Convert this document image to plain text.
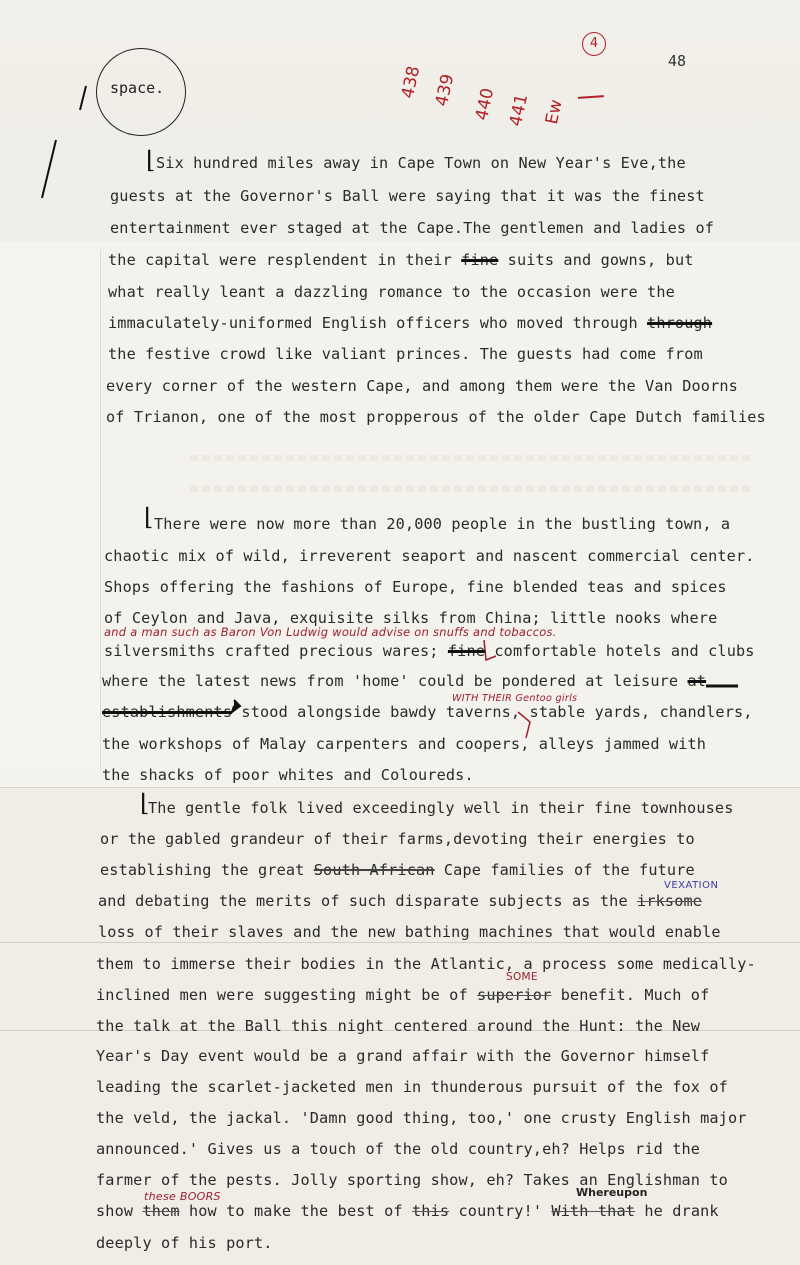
48
space.
4
438 439 440 441 Ew
⌊
⌊
⌊
Six hundred miles away in Cape Town on New Year's Eve,the
guests at the Governor's Ball were saying that it was the finest
entertainment ever staged at the Cape.The gentlemen and ladies of
the capital were resplendent in their fine suits and gowns, but
what really leant a dazzling romance to the occasion were the
immaculately-uniformed English officers who moved through through
the festive crowd like valiant princes. The guests had come from
every corner of the western Cape, and among them were the Van Doorns
of Trianon, one of the most propperous of the older Cape Dutch families
There were now more than 20,000 people in the bustling town, a
chaotic mix of wild, irreverent seaport and nascent commercial center.
Shops offering the fashions of Europe, fine blended teas and spices
of Ceylon and Java, exquisite silks from China; little nooks where
silversmiths crafted precious wares; fine comfortable hotels and clubs
where the latest news from 'home' could be pondered at leisure at
establishments stood alongside bawdy taverns, stable yards, chandlers,
the workshops of Malay carpenters and coopers, alleys jammed with
the shacks of poor whites and Coloureds.
The gentle folk lived exceedingly well in their fine townhouses
or the gabled grandeur of their farms,devoting their energies to
establishing the great South African Cape families of the future
and debating the merits of such disparate subjects as the irksome
loss of their slaves and the new bathing machines that would enable
them to immerse their bodies in the Atlantic, a process some medically-
inclined men were suggesting might be of superior benefit. Much of
the talk at the Ball this night centered around the Hunt: the New
Year's Day event would be a grand affair with the Governor himself
leading the scarlet-jacketed men in thunderous pursuit of the fox of
the veld, the jackal. 'Damn good thing, too,' one crusty English major
announced.' Gives us a touch of the old country,eh? Helps rid the
farmer of the pests. Jolly sporting show, eh? Takes an Englishman to
show them how to make the best of this country!' With that he drank
deeply of his port.
and a man such as Baron Von Ludwig would advise on snuffs and tobaccos.
WITH THEIR Gentoo girls
VEXATION
SOME
these BOORS	Whereupon
